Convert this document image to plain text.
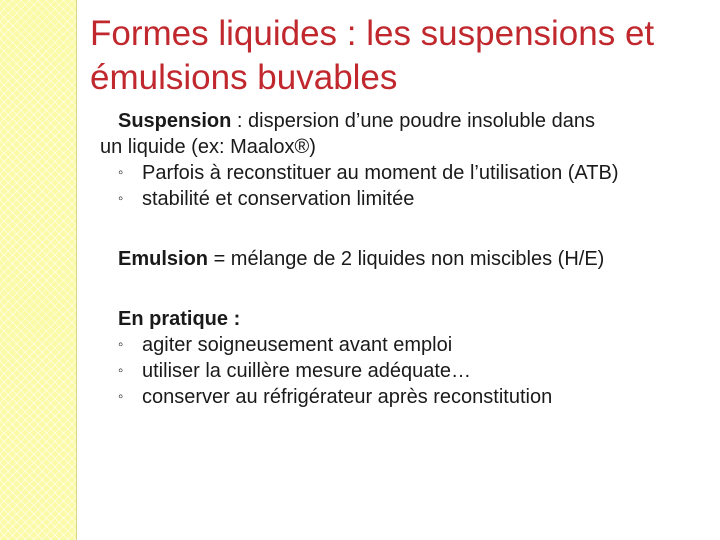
Formes liquides : les suspensions et émulsions buvables
Suspension : dispersion d’une poudre insoluble dans
un liquide (ex: Maalox®)
◦ Parfois à reconstituer au moment de l’utilisation (ATB)
◦ stabilité et conservation limitée
Emulsion = mélange de 2 liquides non miscibles (H/E)
En pratique :
◦ agiter soigneusement avant emploi
◦ utiliser la cuillère mesure adéquate…
◦ conserver au réfrigérateur après reconstitution
